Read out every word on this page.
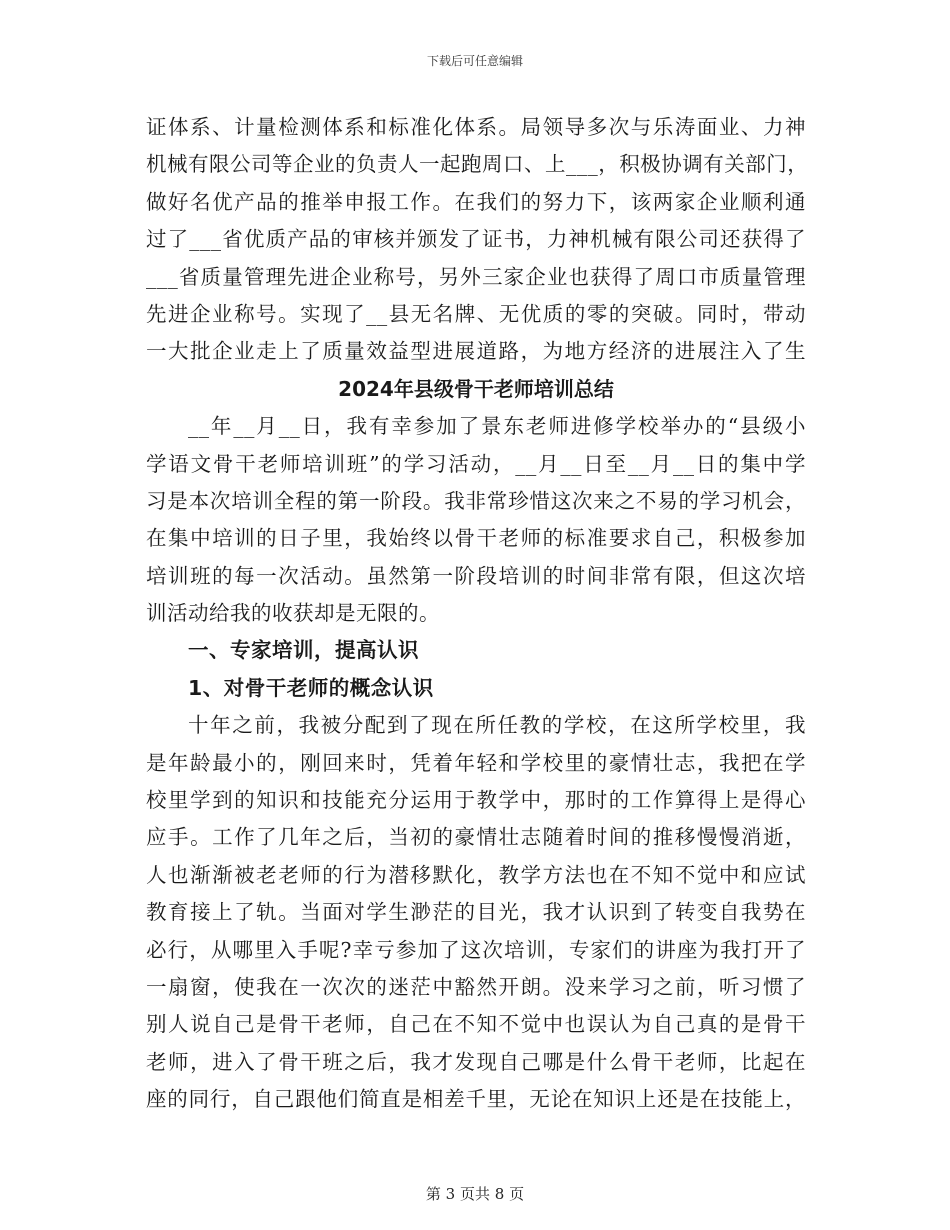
下载后可任意编辑
证体系、计量检测体系和标准化体系。局领导多次与乐涛面业、力神
机械有限公司等企业的负责人一起跑周口、上___，积极协调有关部门，
做好名优产品的推举申报工作。在我们的努力下，该两家企业顺利通
过了___省优质产品的审核并颁发了证书，力神机械有限公司还获得了
___省质量管理先进企业称号，另外三家企业也获得了周口市质量管理
先进企业称号。实现了__县无名牌、无优质的零的突破。同时，带动
一大批企业走上了质量效益型进展道路，为地方经济的进展注入了生
2024年县级骨干老师培训总结
__年__月__日，我有幸参加了景东老师进修学校举办的“县级小
学语文骨干老师培训班”的学习活动，__月__日至__月__日的集中学
习是本次培训全程的第一阶段。我非常珍惜这次来之不易的学习机会，
在集中培训的日子里，我始终以骨干老师的标准要求自己，积极参加
培训班的每一次活动。虽然第一阶段培训的时间非常有限，但这次培
训活动给我的收获却是无限的。
一、专家培训，提高认识
1、对骨干老师的概念认识
十年之前，我被分配到了现在所任教的学校，在这所学校里，我
是年龄最小的，刚回来时，凭着年轻和学校里的豪情壮志，我把在学
校里学到的知识和技能充分运用于教学中，那时的工作算得上是得心
应手。工作了几年之后，当初的豪情壮志随着时间的推移慢慢消逝，
人也渐渐被老老师的行为潜移默化，教学方法也在不知不觉中和应试
教育接上了轨。当面对学生渺茫的目光，我才认识到了转变自我势在
必行，从哪里入手呢?幸亏参加了这次培训，专家们的讲座为我打开了
一扇窗，使我在一次次的迷茫中豁然开朗。没来学习之前，听习惯了
别人说自己是骨干老师，自己在不知不觉中也误认为自己真的是骨干
老师，进入了骨干班之后，我才发现自己哪是什么骨干老师，比起在
座的同行，自己跟他们简直是相差千里，无论在知识上还是在技能上，
第 3 页共 8 页
